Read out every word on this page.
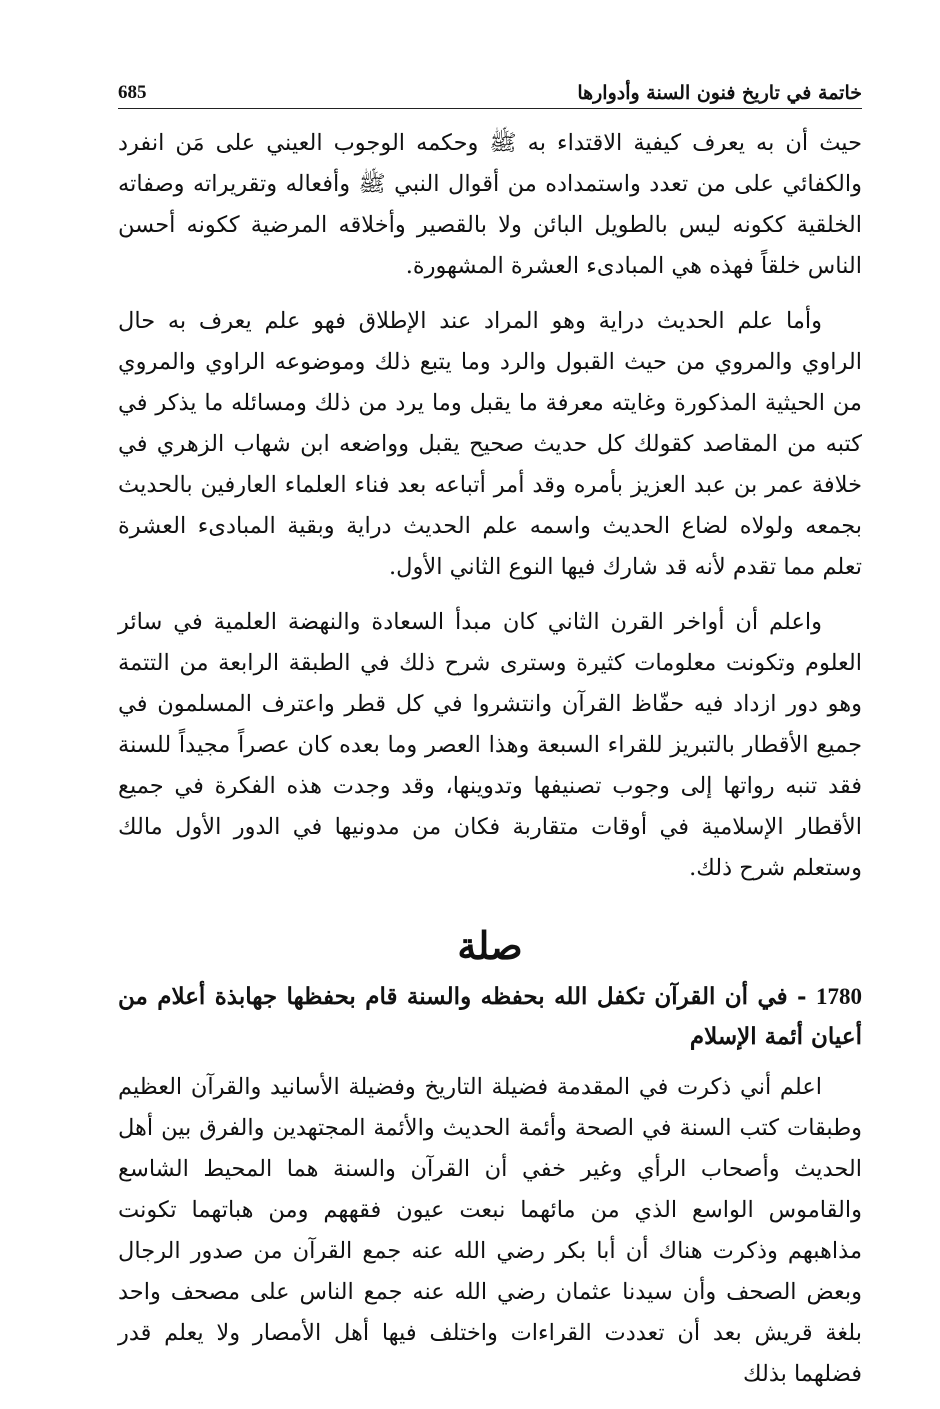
خاتمة في تاريخ فنون السنة وأدوارها
685

حيث أن به يعرف كيفية الاقتداء به ﷺ وحكمه الوجوب العيني على مَن انفرد والكفائي على من تعدد واستمداده من أقوال النبي ﷺ وأفعاله وتقريراته وصفاته الخلقية ككونه ليس بالطويل البائن ولا بالقصير وأخلاقه المرضية ككونه أحسن الناس خلقاً فهذه هي المبادىء العشرة المشهورة.

وأما علم الحديث دراية وهو المراد عند الإطلاق فهو علم يعرف به حال الراوي والمروي من حيث القبول والرد وما يتبع ذلك وموضوعه الراوي والمروي من الحيثية المذكورة وغايته معرفة ما يقبل وما يرد من ذلك ومسائله ما يذكر في كتبه من المقاصد كقولك كل حديث صحيح يقبل وواضعه ابن شهاب الزهري في خلافة عمر بن عبد العزيز بأمره وقد أمر أتباعه بعد فناء العلماء العارفين بالحديث بجمعه ولولاه لضاع الحديث واسمه علم الحديث دراية وبقية المبادىء العشرة تعلم مما تقدم لأنه قد شارك فيها النوع الثاني الأول.

واعلم أن أواخر القرن الثاني كان مبدأ السعادة والنهضة العلمية في سائر العلوم وتكونت معلومات كثيرة وسترى شرح ذلك في الطبقة الرابعة من التتمة وهو دور ازداد فيه حفّاظ القرآن وانتشروا في كل قطر واعترف المسلمون في جميع الأقطار بالتبريز للقراء السبعة وهذا العصر وما بعده كان عصراً مجيداً للسنة فقد تنبه رواتها إلى وجوب تصنيفها وتدوينها، وقد وجدت هذه الفكرة في جميع الأقطار الإسلامية في أوقات متقاربة فكان من مدونيها في الدور الأول مالك وستعلم شرح ذلك.

صلة
1780 - في أن القرآن تكفل الله بحفظه والسنة قام بحفظها جهابذة أعلام من أعيان أئمة الإسلام

اعلم أني ذكرت في المقدمة فضيلة التاريخ وفضيلة الأسانيد والقرآن العظيم وطبقات كتب السنة في الصحة وأئمة الحديث والأئمة المجتهدين والفرق بين أهل الحديث وأصحاب الرأي وغير خفي أن القرآن والسنة هما المحيط الشاسع والقاموس الواسع الذي من مائهما نبعت عيون فقههم ومن هباتهما تكونت مذاهبهم وذكرت هناك أن أبا بكر رضي الله عنه جمع القرآن من صدور الرجال وبعض الصحف وأن سيدنا عثمان رضي الله عنه جمع الناس على مصحف واحد بلغة قريش بعد أن تعددت القراءات واختلف فيها أهل الأمصار ولا يعلم قدر فضلهما بذلك
